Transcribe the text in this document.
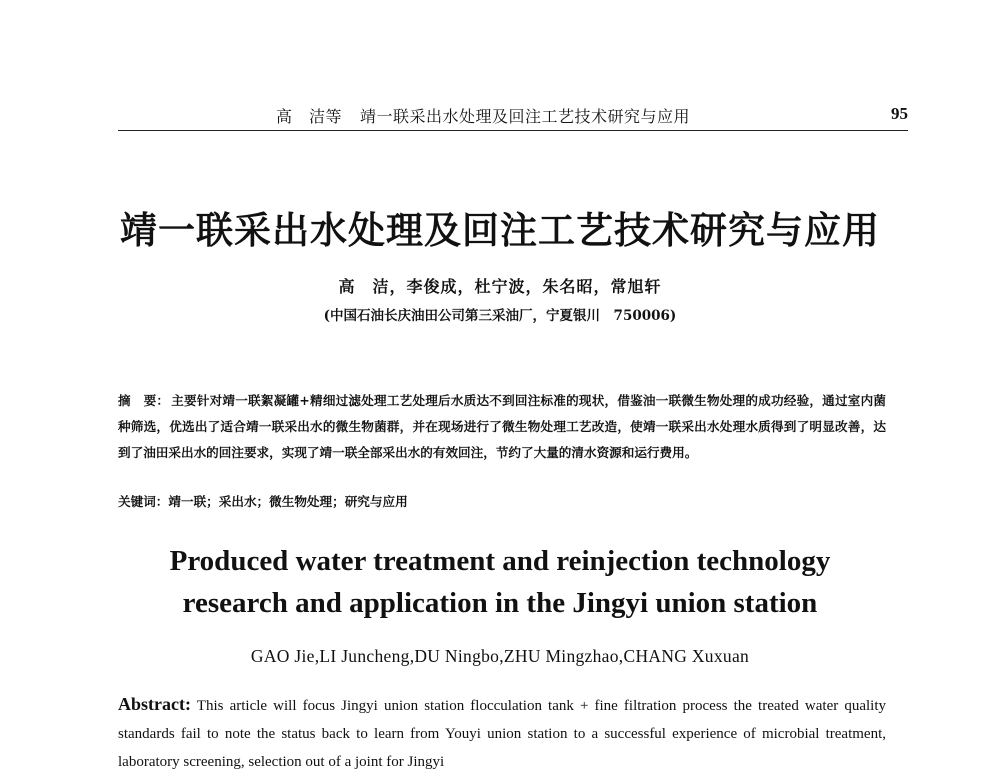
高　洁等 靖一联采出水处理及回注工艺技术研究与应用	95
靖一联采出水处理及回注工艺技术研究与应用
高　洁，李俊成，杜宁波，朱名昭，常旭轩
(中国石油长庆油田公司第三采油厂，宁夏银川　750006)
摘　要： 主要针对靖一联絮凝罐+精细过滤处理工艺处理后水质达不到回注标准的现状，借鉴油一联微生物处理的成功经验，通过室内菌种筛选，优选出了适合靖一联采出水的微生物菌群，并在现场进行了微生物处理工艺改造，使靖一联采出水处理水质得到了明显改善，达到了油田采出水的回注要求，实现了靖一联全部采出水的有效回注，节约了大量的清水资源和运行费用。
关键词：靖一联；采出水；微生物处理；研究与应用
Produced water treatment and reinjection technology
research and application in the Jingyi union station
GAO Jie,LI Juncheng,DU Ningbo,ZHU Mingzhao,CHANG Xuxuan
Abstract: This article will focus Jingyi union station flocculation tank + fine filtration process the treated water quality standards fail to note the status back to learn from Youyi union station to a successful experience of microbial treatment, laboratory screening, selection out of a joint for Jingyi
